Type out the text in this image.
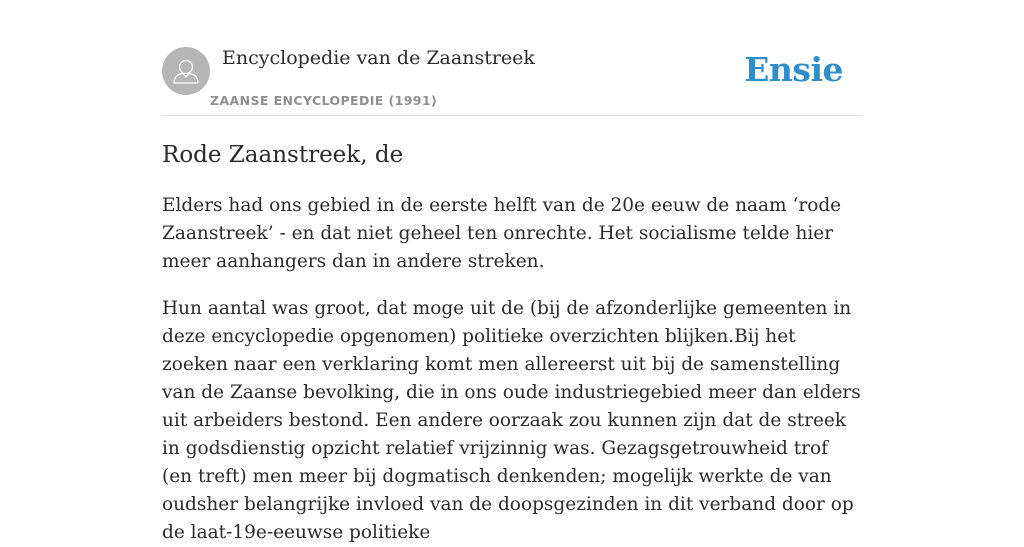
Encyclopedie van de Zaanstreek
ZAANSE ENCYCLOPEDIE (1991)
Ensie
Rode Zaanstreek, de

Elders had ons gebied in de eerste helft van de 20e eeuw de naam ‘rode Zaanstreek’ - en dat niet geheel ten onrechte. Het socialisme telde hier meer aanhangers dan in andere streken.

Hun aantal was groot, dat moge uit de (bij de afzonderlijke gemeenten in deze encyclopedie opgenomen) politieke overzichten blijken.Bij het zoeken naar een verklaring komt men allereerst uit bij de samenstelling van de Zaanse bevolking, die in ons oude industriegebied meer dan elders uit arbeiders bestond. Een andere oorzaak zou kunnen zijn dat de streek in godsdienstig opzicht relatief vrijzinnig was. Gezagsgetrouwheid trof (en treft) men meer bij dogmatisch denkenden; mogelijk werkte de van oudsher belangrijke invloed van de doopsgezinden in dit verband door op de laat-19e-eeuwse politieke
